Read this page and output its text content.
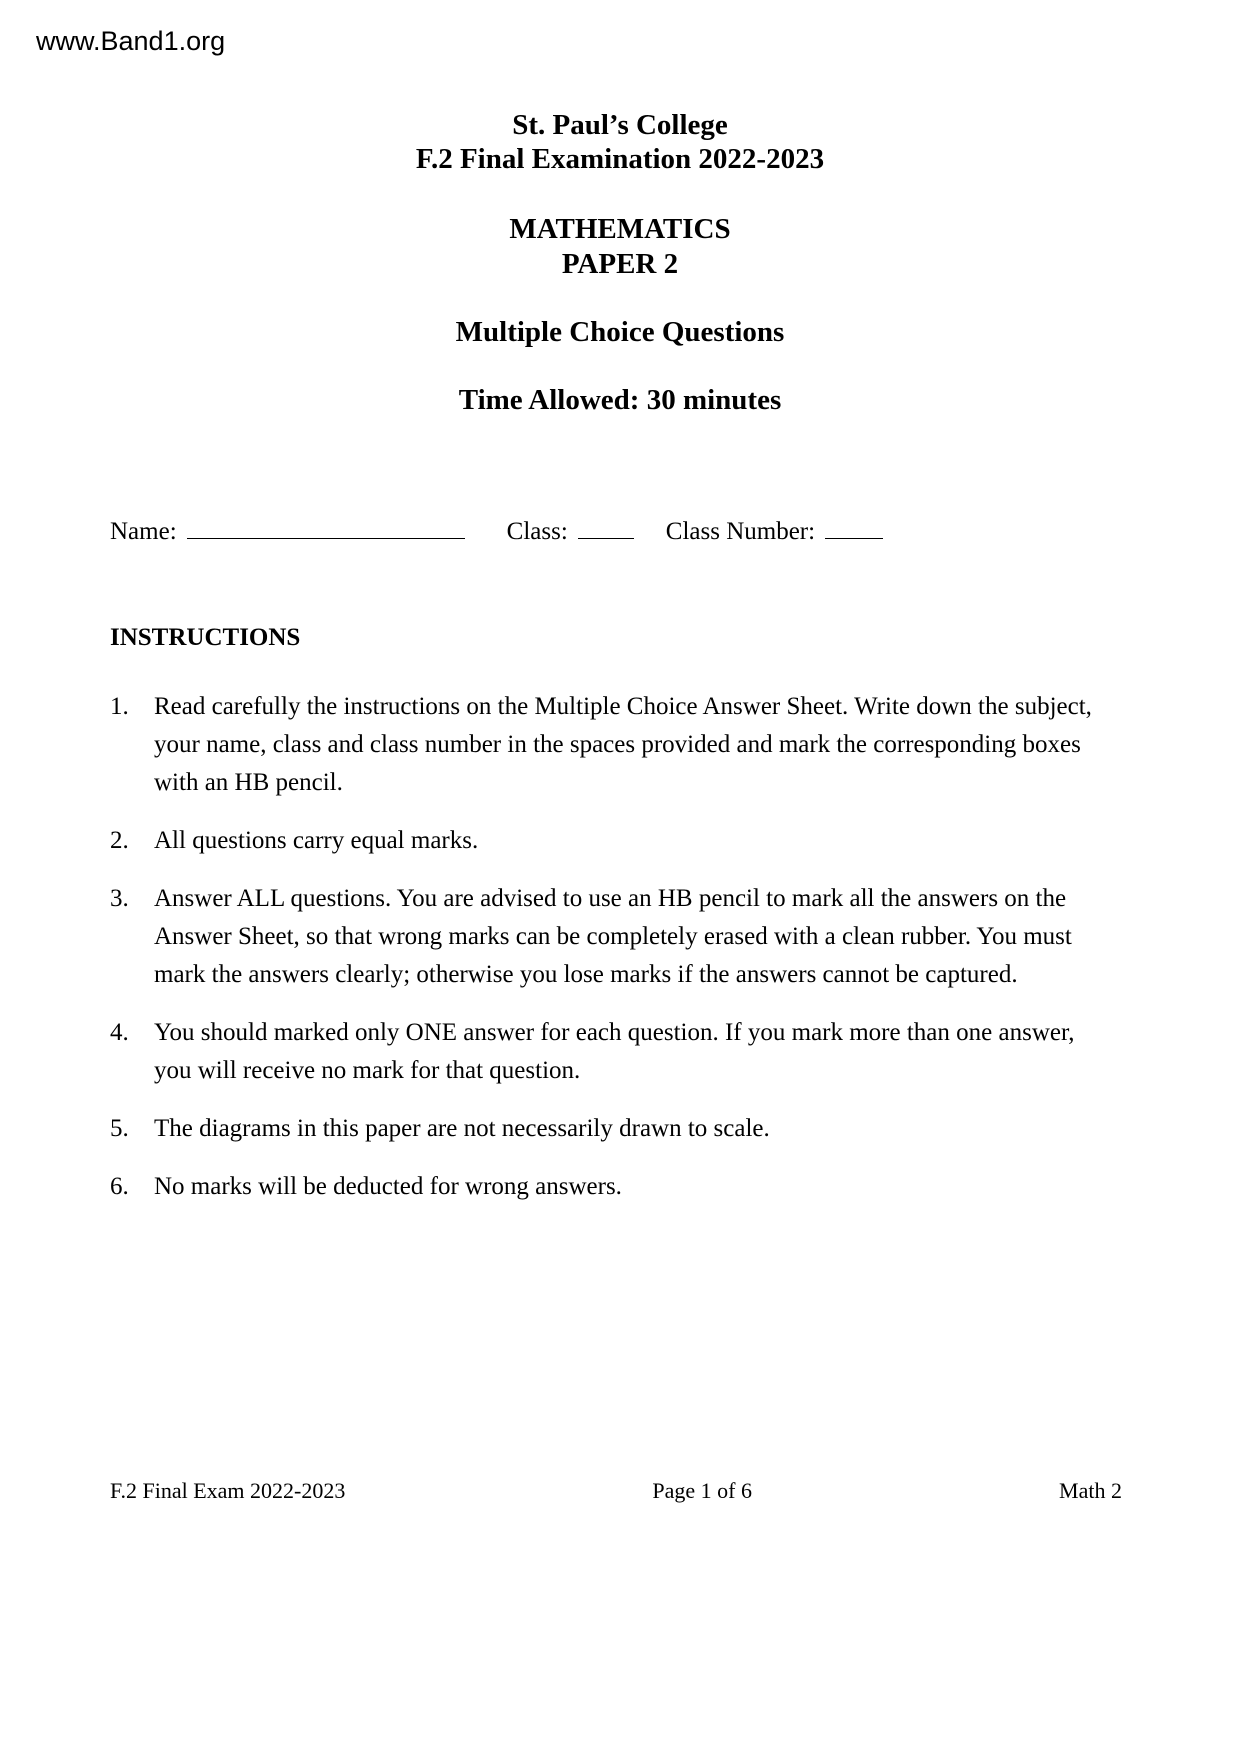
www.Band1.org
St. Paul’s College
F.2 Final Examination 2022-2023
MATHEMATICS
PAPER 2
Multiple Choice Questions
Time Allowed: 30 minutes
Name:	Class:	Class Number:
INSTRUCTIONS
1.	Read carefully the instructions on the Multiple Choice Answer Sheet. Write down the subject, your name, class and class number in the spaces provided and mark the corresponding boxes with an HB pencil.
2.	All questions carry equal marks.
3.	Answer ALL questions. You are advised to use an HB pencil to mark all the answers on the Answer Sheet, so that wrong marks can be completely erased with a clean rubber. You must mark the answers clearly; otherwise you lose marks if the answers cannot be captured.
4.	You should marked only ONE answer for each question. If you mark more than one answer, you will receive no mark for that question.
5.	The diagrams in this paper are not necessarily drawn to scale.
6.	No marks will be deducted for wrong answers.
F.2 Final Exam 2022-2023	Page 1 of 6	Math 2
